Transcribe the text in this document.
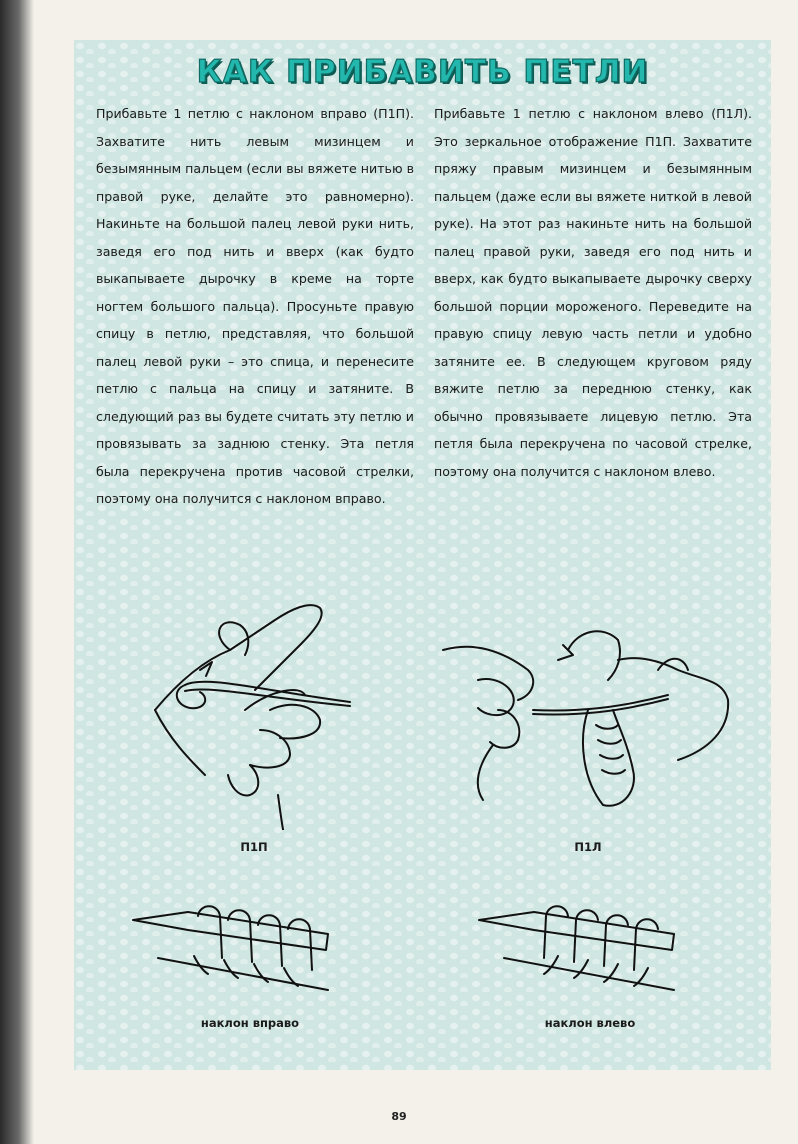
КАК ПРИБАВИТЬ ПЕТЛИ

Прибавьте 1 петлю с наклоном вправо (П1П). Захватите нить левым мизинцем и безымянным пальцем (если вы вяжете нитью в правой руке, делайте это равномерно). Накиньте на большой палец левой руки нить, заведя его под нить и вверх (как будто выкапываете дырочку в креме на торте ногтем большого пальца). Просуньте правую спицу в петлю, представляя, что большой палец левой руки – это спица, и перенесите петлю с пальца на спицу и затяните. В следующий раз вы будете считать эту петлю и провязывать за заднюю стенку. Эта петля была перекручена против часовой стрелки, поэтому она получится с наклоном вправо.

Прибавьте 1 петлю с наклоном влево (П1Л). Это зеркальное отображение П1П. Захватите пряжу правым мизинцем и безымянным пальцем (даже если вы вяжете ниткой в левой руке). На этот раз накиньте нить на большой палец правой руки, заведя его под нить и вверх, как будто выкапываете дырочку сверху большой порции мороженого. Переведите на правую спицу левую часть петли и удобно затяните ее. В следующем круговом ряду вяжите петлю за переднюю стенку, как обычно провязываете лицевую петлю. Эта петля была перекручена по часовой стрелке, поэтому она получится с наклоном влево.

П1П	П1Л
наклон вправо	наклон влево
89
